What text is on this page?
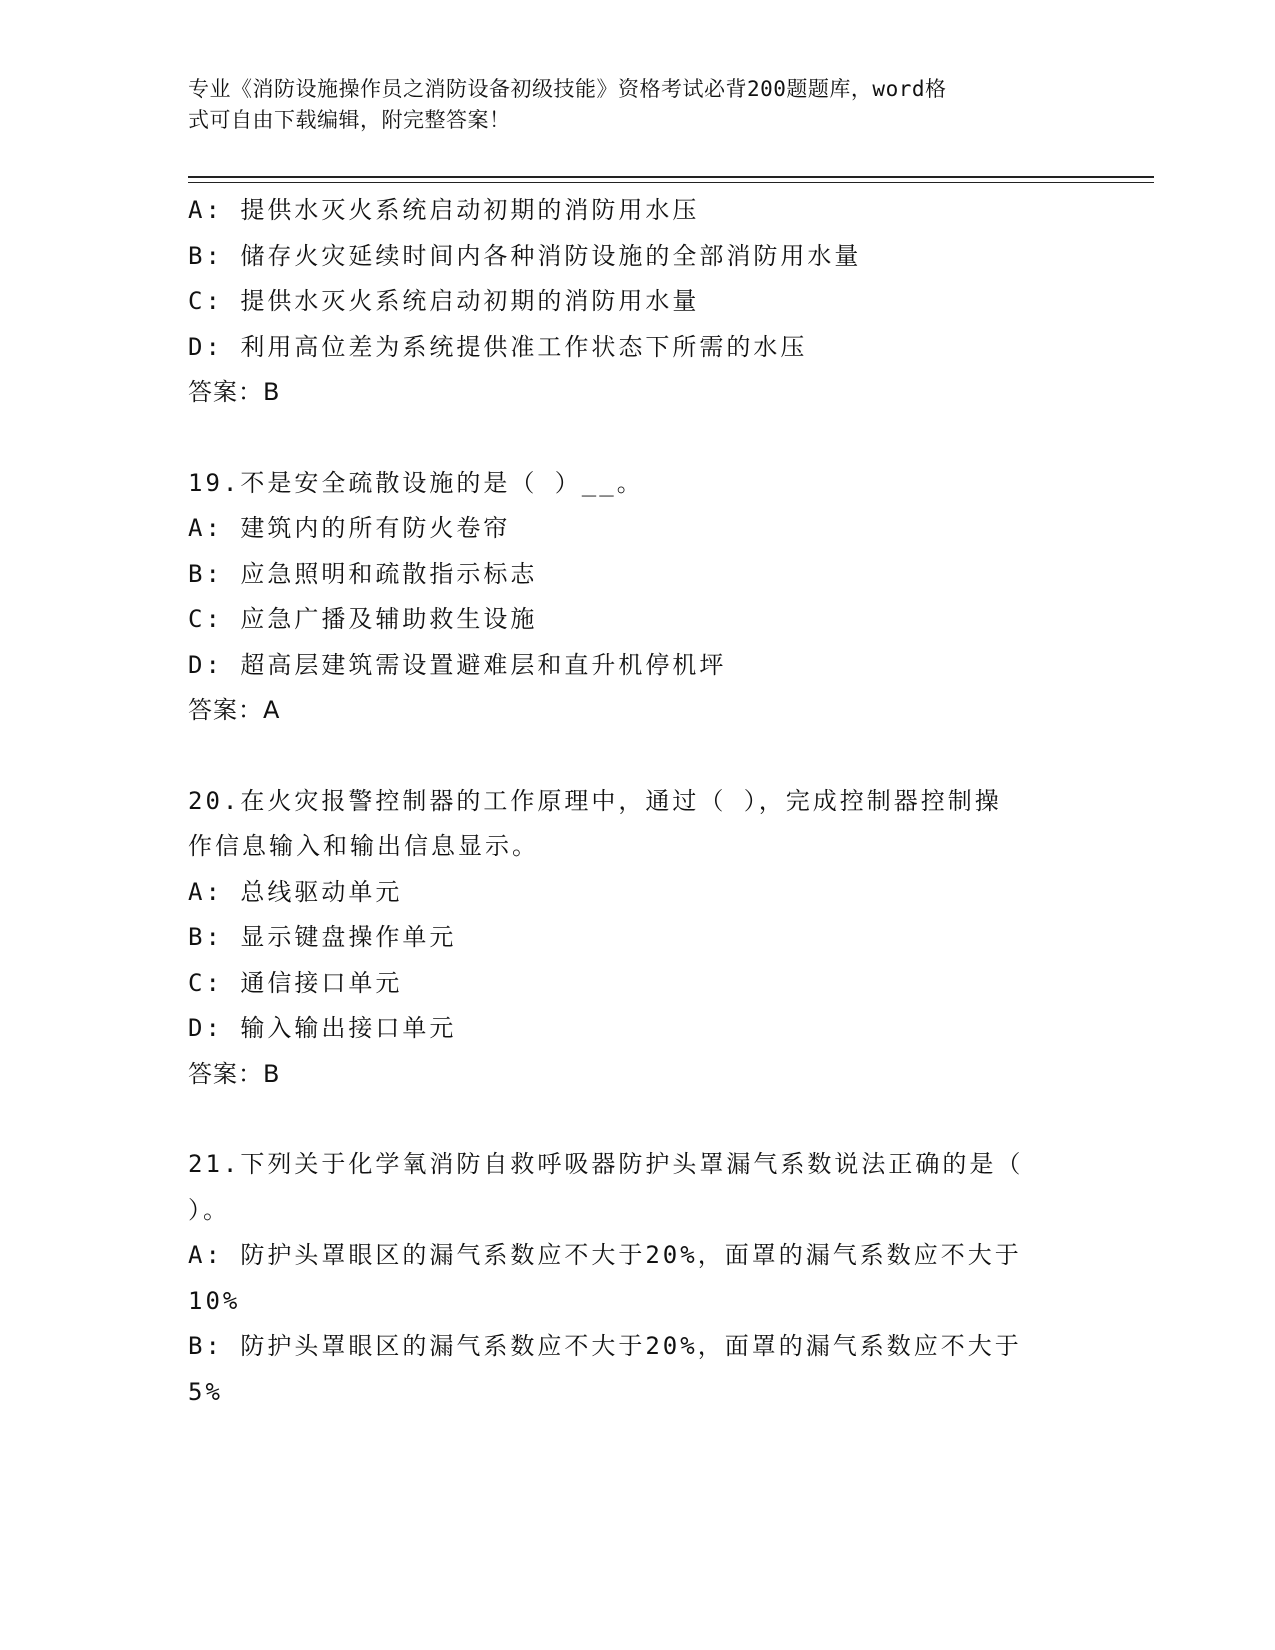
专业《消防设施操作员之消防设备初级技能》资格考试必背200题题库，word格
式可自由下载编辑，附完整答案！
A: 提供水灭火系统启动初期的消防用水压
B: 储存火灾延续时间内各种消防设施的全部消防用水量
C: 提供水灭火系统启动初期的消防用水量
D: 利用高位差为系统提供准工作状态下所需的水压
答案：B
19.不是安全疏散设施的是（ ）__。
A: 建筑内的所有防火卷帘
B: 应急照明和疏散指示标志
C: 应急广播及辅助救生设施
D: 超高层建筑需设置避难层和直升机停机坪
答案：A
20.在火灾报警控制器的工作原理中，通过（ ），完成控制器控制操
作信息输入和输出信息显示。
A: 总线驱动单元
B: 显示键盘操作单元
C: 通信接口单元
D: 输入输出接口单元
答案：B
21.下列关于化学氧消防自救呼吸器防护头罩漏气系数说法正确的是（
）。
A: 防护头罩眼区的漏气系数应不大于20%，面罩的漏气系数应不大于
10%
B: 防护头罩眼区的漏气系数应不大于20%，面罩的漏气系数应不大于
5%
